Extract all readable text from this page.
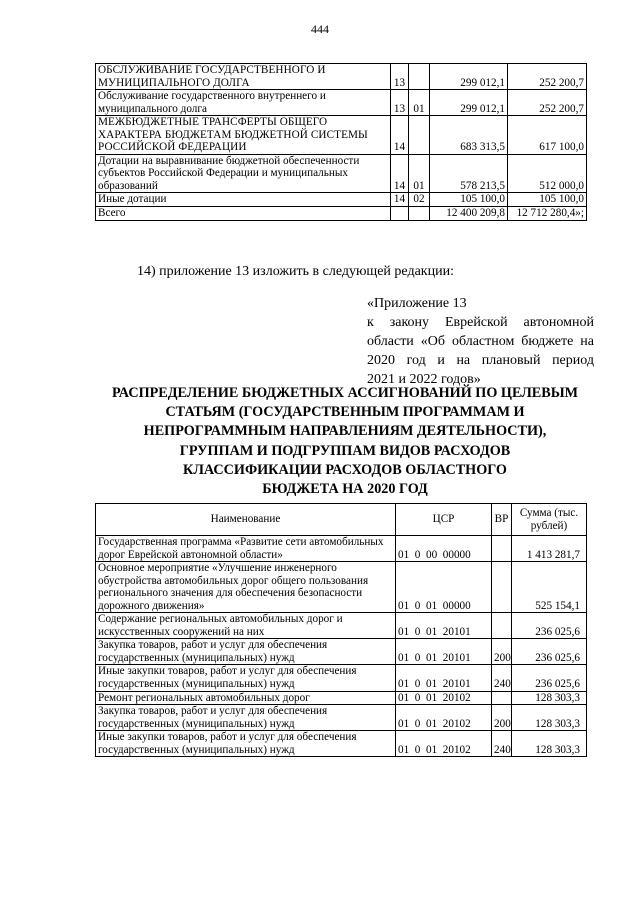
444
ОБСЛУЖИВАНИЕ ГОСУДАРСТВЕННОГО И МУНИЦИПАЛЬНОГО ДОЛГА	13		299 012,1	252 200,7
Обслуживание государственного внутреннего и муниципального долга	13	01	299 012,1	252 200,7
МЕЖБЮДЖЕТНЫЕ ТРАНСФЕРТЫ ОБЩЕГО ХАРАКТЕРА БЮДЖЕТАМ БЮДЖЕТНОЙ СИСТЕМЫ РОССИЙСКОЙ ФЕДЕРАЦИИ	14		683 313,5	617 100,0
Дотации на выравнивание бюджетной обеспеченности субъектов Российской Федерации и муниципальных образований	14	01	578 213,5	512 000,0
Иные дотации	14	02	105 100,0	105 100,0
Всего			12 400 209,8	12 712 280,4»;
14) приложение 13 изложить в следующей редакции:
«Приложение 13
к закону Еврейской автономной
области «Об областном бюджете на
2020 год и на плановый период
2021 и 2022 годов»
РАСПРЕДЕЛЕНИЕ БЮДЖЕТНЫХ АССИГНОВАНИЙ ПО ЦЕЛЕВЫМ
СТАТЬЯМ (ГОСУДАРСТВЕННЫМ ПРОГРАММАМ И
НЕПРОГРАММНЫМ НАПРАВЛЕНИЯМ ДЕЯТЕЛЬНОСТИ),
ГРУППАМ И ПОДГРУППАМ ВИДОВ РАСХОДОВ
КЛАССИФИКАЦИИ РАСХОДОВ ОБЛАСТНОГО
БЮДЖЕТА НА 2020 ГОД
Наименование	ЦСР	ВР	Сумма (тыс. рублей)
Государственная программа «Развитие сети автомобильных дорог Еврейской автономной области»	01  0  00  00000		1 413 281,7
Основное мероприятие «Улучшение инженерного обустройства автомобильных дорог общего пользования регионального значения для обеспечения безопасности дорожного движения»	01  0  01  00000		525 154,1
Содержание региональных автомобильных дорог и искусственных сооружений на них	01  0  01  20101		236 025,6
Закупка товаров, работ и услуг для обеспечения государственных (муниципальных) нужд	01  0  01  20101	200	236 025,6
Иные закупки товаров, работ и услуг для обеспечения государственных (муниципальных) нужд	01  0  01  20101	240	236 025,6
Ремонт региональных автомобильных дорог	01  0  01  20102		128 303,3
Закупка товаров, работ и услуг для обеспечения государственных (муниципальных) нужд	01  0  01  20102	200	128 303,3
Иные закупки товаров, работ и услуг для обеспечения государственных (муниципальных) нужд	01  0  01  20102	240	128 303,3
